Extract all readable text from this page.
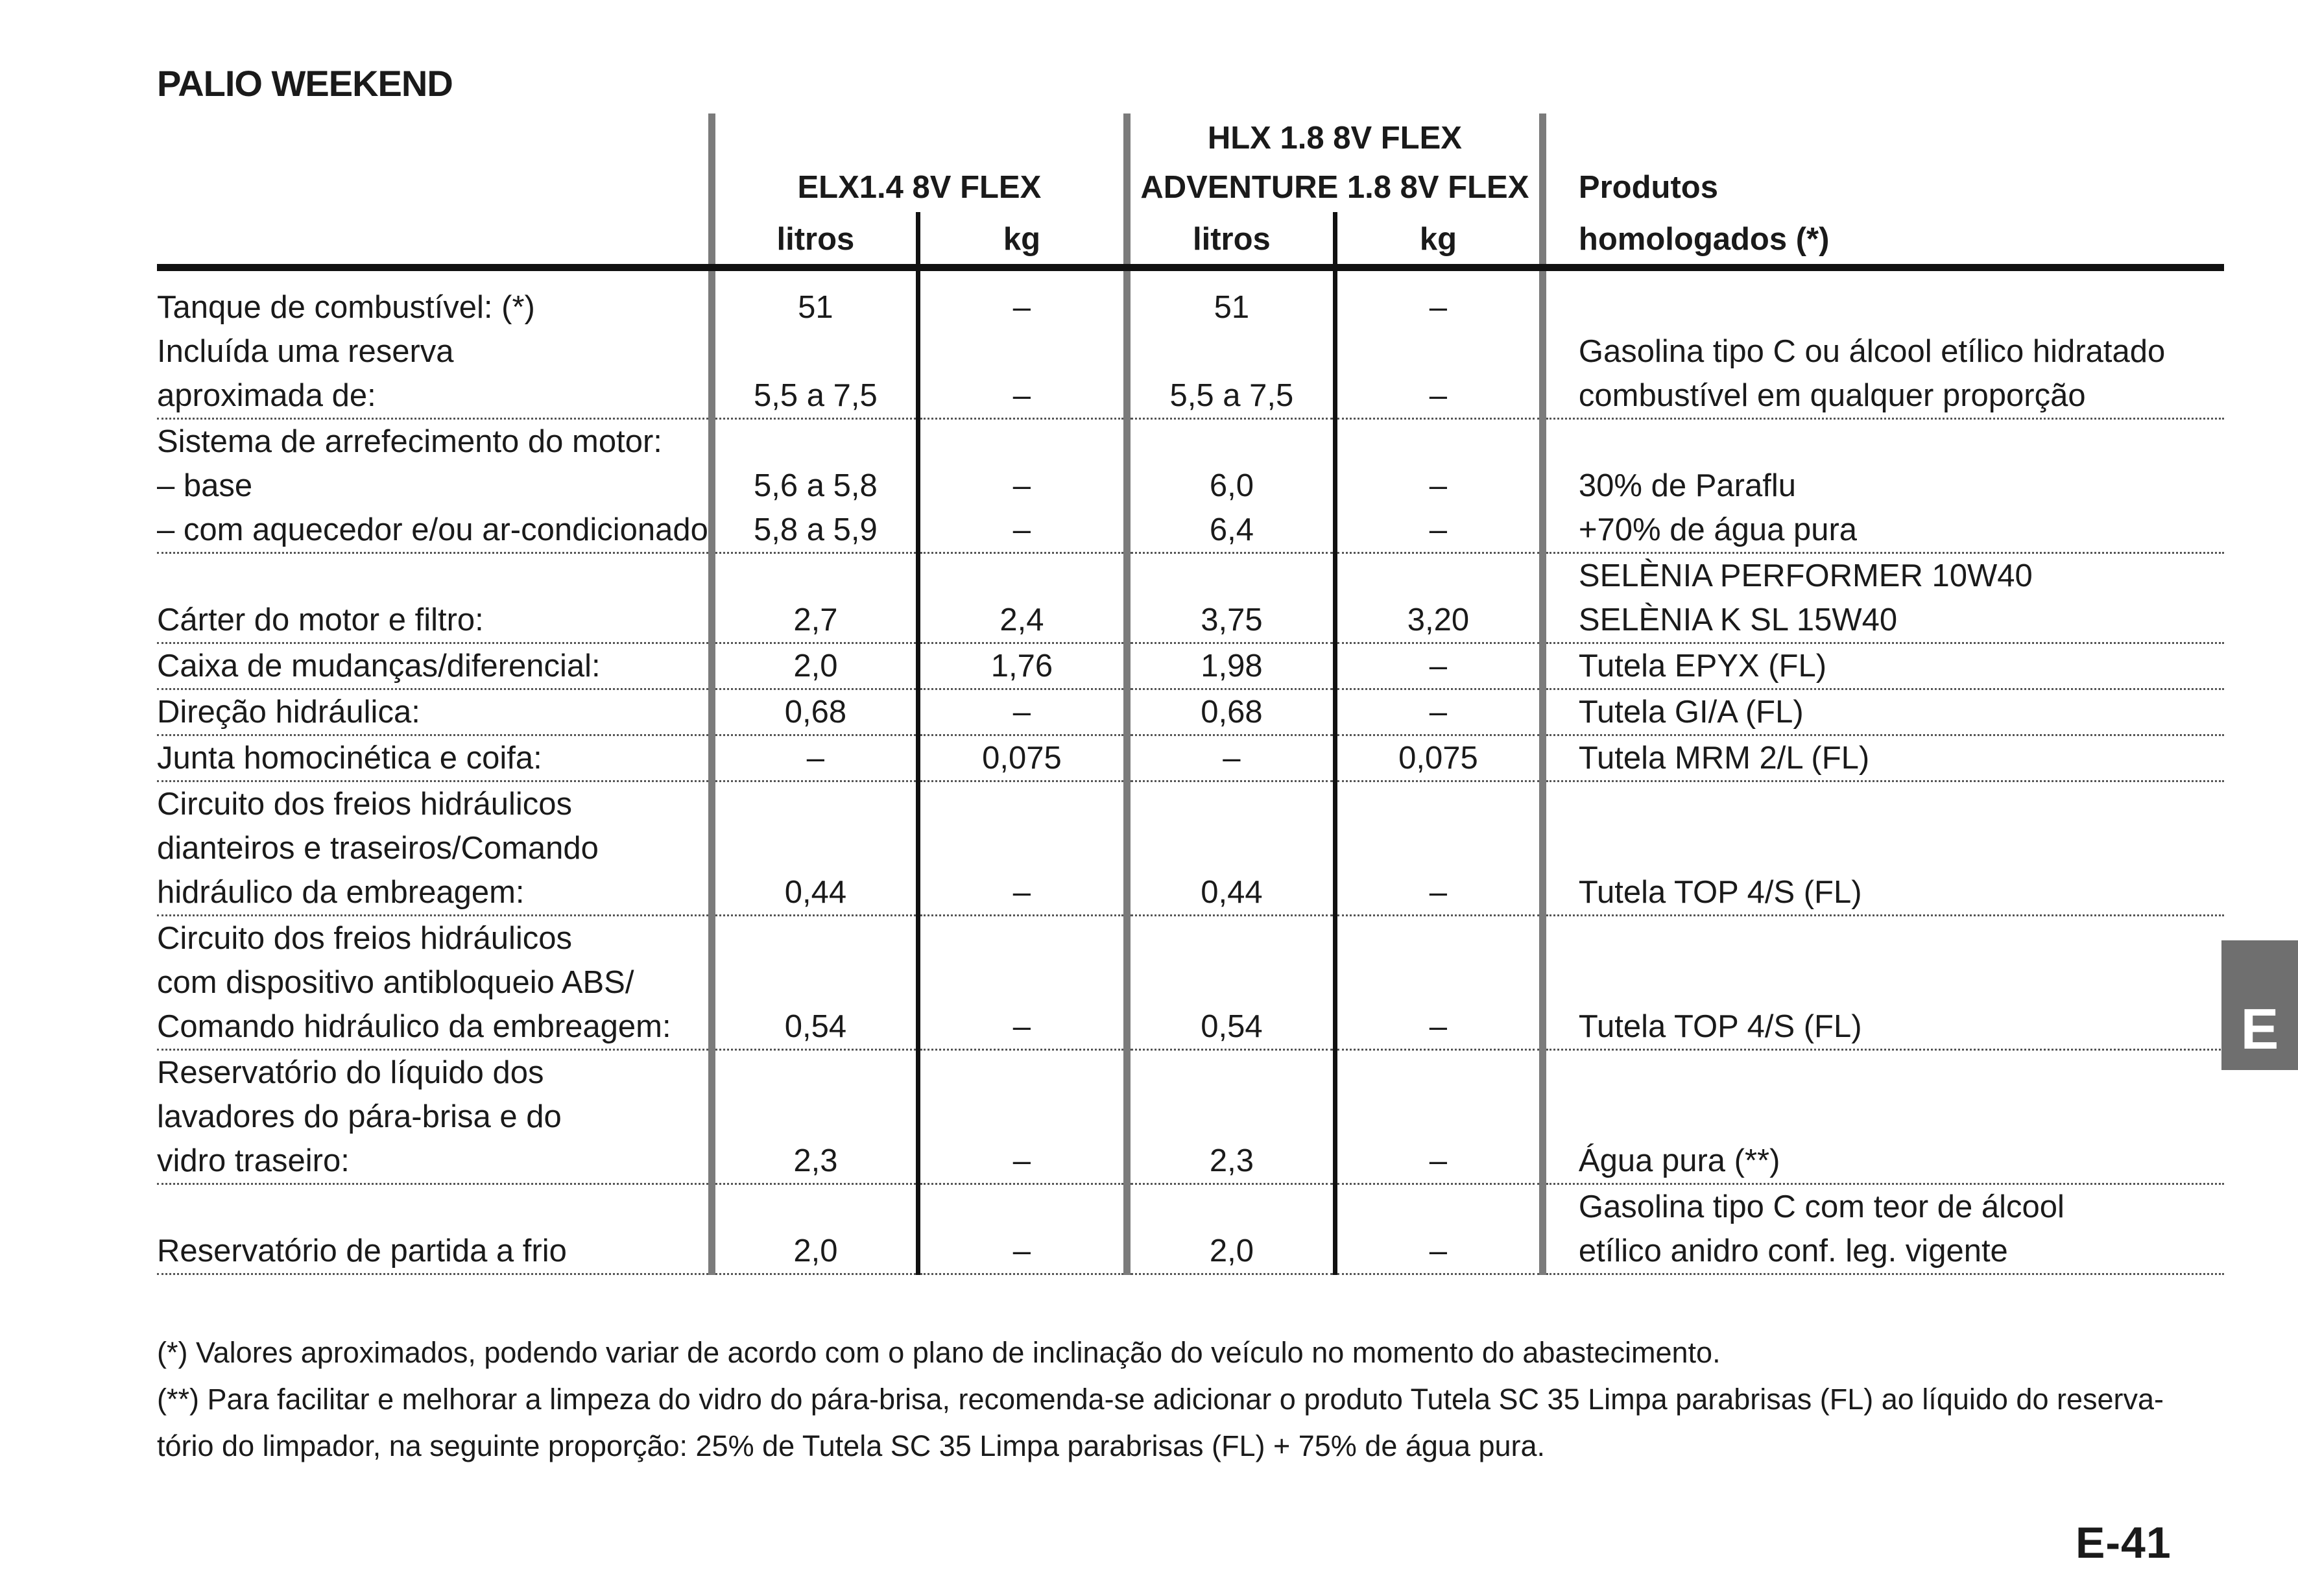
PALIO WEEKEND
			HLX 1.8 8V FLEX		
	ELX1.4 8V FLEX		ADVENTURE 1.8 8V FLEX		Produtos
	litros	kg	litros	kg	homologados (*)

Tanque de combustível: (*)	51	–	51	–	
Incluída uma reserva					Gasolina tipo C ou álcool etílico hidratado
aproximada de:	5,5 a 7,5	–	5,5 a 7,5	–	combustível em qualquer proporção
Sistema de arrefecimento do motor:					
– base	5,6 a 5,8	–	6,0	–	30% de Paraflu
– com aquecedor e/ou ar-condicionado	5,8 a 5,9	–	6,4	–	+70% de água pura
					SELÈNIA PERFORMER 10W40
Cárter do motor e filtro:	2,7	2,4	3,75	3,20	SELÈNIA K SL 15W40
Caixa de mudanças/diferencial:	2,0	1,76	1,98	–	Tutela EPYX (FL)
Direção hidráulica:	0,68	–	0,68	–	Tutela GI/A (FL)
Junta homocinética e coifa:	–	0,075	–	0,075	Tutela MRM 2/L (FL)
Circuito dos freios hidráulicos					
dianteiros e traseiros/Comando					
hidráulico da embreagem:	0,44	–	0,44	–	Tutela TOP 4/S (FL)
Circuito dos freios hidráulicos					
com dispositivo antibloqueio ABS/					
Comando hidráulico da embreagem:	0,54	–	0,54	–	Tutela TOP 4/S (FL)
Reservatório do líquido dos					
lavadores do pára-brisa e do					
vidro traseiro:	2,3	–	2,3	–	Água pura (**)
					Gasolina tipo C com teor de álcool
Reservatório de partida a frio	2,0	–	2,0	–	etílico anidro conf. leg. vigente

(*) Valores aproximados, podendo variar de acordo com o plano de inclinação do veículo no momento do abastecimento.

(**) Para facilitar e melhorar a limpeza do vidro do pára-brisa, recomenda-se adicionar o produto Tutela SC 35 Limpa parabrisas (FL) ao líquido do reserva-

tório do limpador, na seguinte proporção: 25% de Tutela SC 35 Limpa parabrisas (FL) + 75% de água pura.

E
E-41
